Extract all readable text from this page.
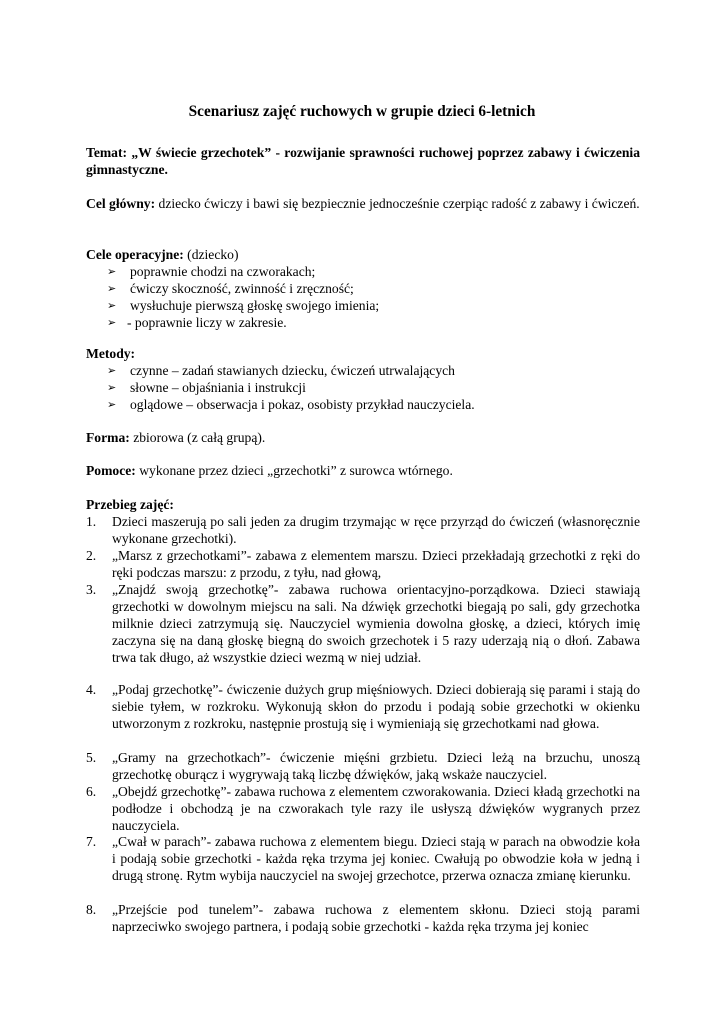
Scenariusz zajęć ruchowych w grupie dzieci 6-letnich
Temat: „W świecie grzechotek” - rozwijanie sprawności ruchowej poprzez zabawy i ćwiczenia gimnastyczne.
Cel główny: dziecko ćwiczy i bawi się bezpiecznie jednocześnie czerpiąc radość z zabawy i ćwiczeń.
Cele operacyjne: (dziecko)
➢ poprawnie chodzi na czworakach;
➢ ćwiczy skoczność, zwinność i zręczność;
➢ wysłuchuje pierwszą głoskę swojego imienia;
➢ - poprawnie liczy w zakresie.
Metody:
➢ czynne – zadań stawianych dziecku, ćwiczeń utrwalających
➢ słowne – objaśniania i instrukcji
➢ oglądowe – obserwacja i pokaz, osobisty przykład nauczyciela.
Forma: zbiorowa (z całą grupą).
Pomoce: wykonane przez dzieci „grzechotki” z surowca wtórnego.
Przebieg zajęć:
1. Dzieci maszerują po sali jeden za drugim trzymając w ręce przyrząd do ćwiczeń (własnoręcznie wykonane grzechotki).
2. „Marsz z grzechotkami”- zabawa z elementem marszu. Dzieci przekładają grzechotki z ręki do ręki podczas marszu: z przodu, z tyłu, nad głową,
3. „Znajdź swoją grzechotkę”- zabawa ruchowa orientacyjno-porządkowa. Dzieci stawiają grzechotki w dowolnym miejscu na sali. Na dźwięk grzechotki biegają po sali, gdy grzechotka milknie dzieci zatrzymują się. Nauczyciel wymienia dowolna głoskę, a dzieci, których imię zaczyna się na daną głoskę biegną do swoich grzechotek i 5 razy uderzają nią o dłoń. Zabawa trwa tak długo, aż wszystkie dzieci wezmą w niej udział.
4. „Podaj grzechotkę”- ćwiczenie dużych grup mięśniowych. Dzieci dobierają się parami i stają do siebie tyłem, w rozkroku. Wykonują skłon do przodu i podają sobie grzechotki w okienku utworzonym z rozkroku, następnie prostują się i wymieniają się grzechotkami nad głowa.
5. „Gramy na grzechotkach”- ćwiczenie mięśni grzbietu. Dzieci leżą na brzuchu, unoszą grzechotkę oburącz i wygrywają taką liczbę dźwięków, jaką wskaże nauczyciel.
6. „Obejdź grzechotkę”- zabawa ruchowa z elementem czworakowania. Dzieci kładą grzechotki na podłodze i obchodzą je na czworakach tyle razy ile usłyszą dźwięków wygranych przez nauczyciela.
7. „Cwał w parach”- zabawa ruchowa z elementem biegu. Dzieci stają w parach na obwodzie koła i podają sobie grzechotki - każda ręka trzyma jej koniec. Cwałują po obwodzie koła w jedną i drugą stronę. Rytm wybija nauczyciel na swojej grzechotce, przerwa oznacza zmianę kierunku.
8. „Przejście pod tunelem”- zabawa ruchowa z elementem skłonu. Dzieci stoją parami naprzeciwko swojego partnera, i podają sobie grzechotki - każda ręka trzyma jej koniec
